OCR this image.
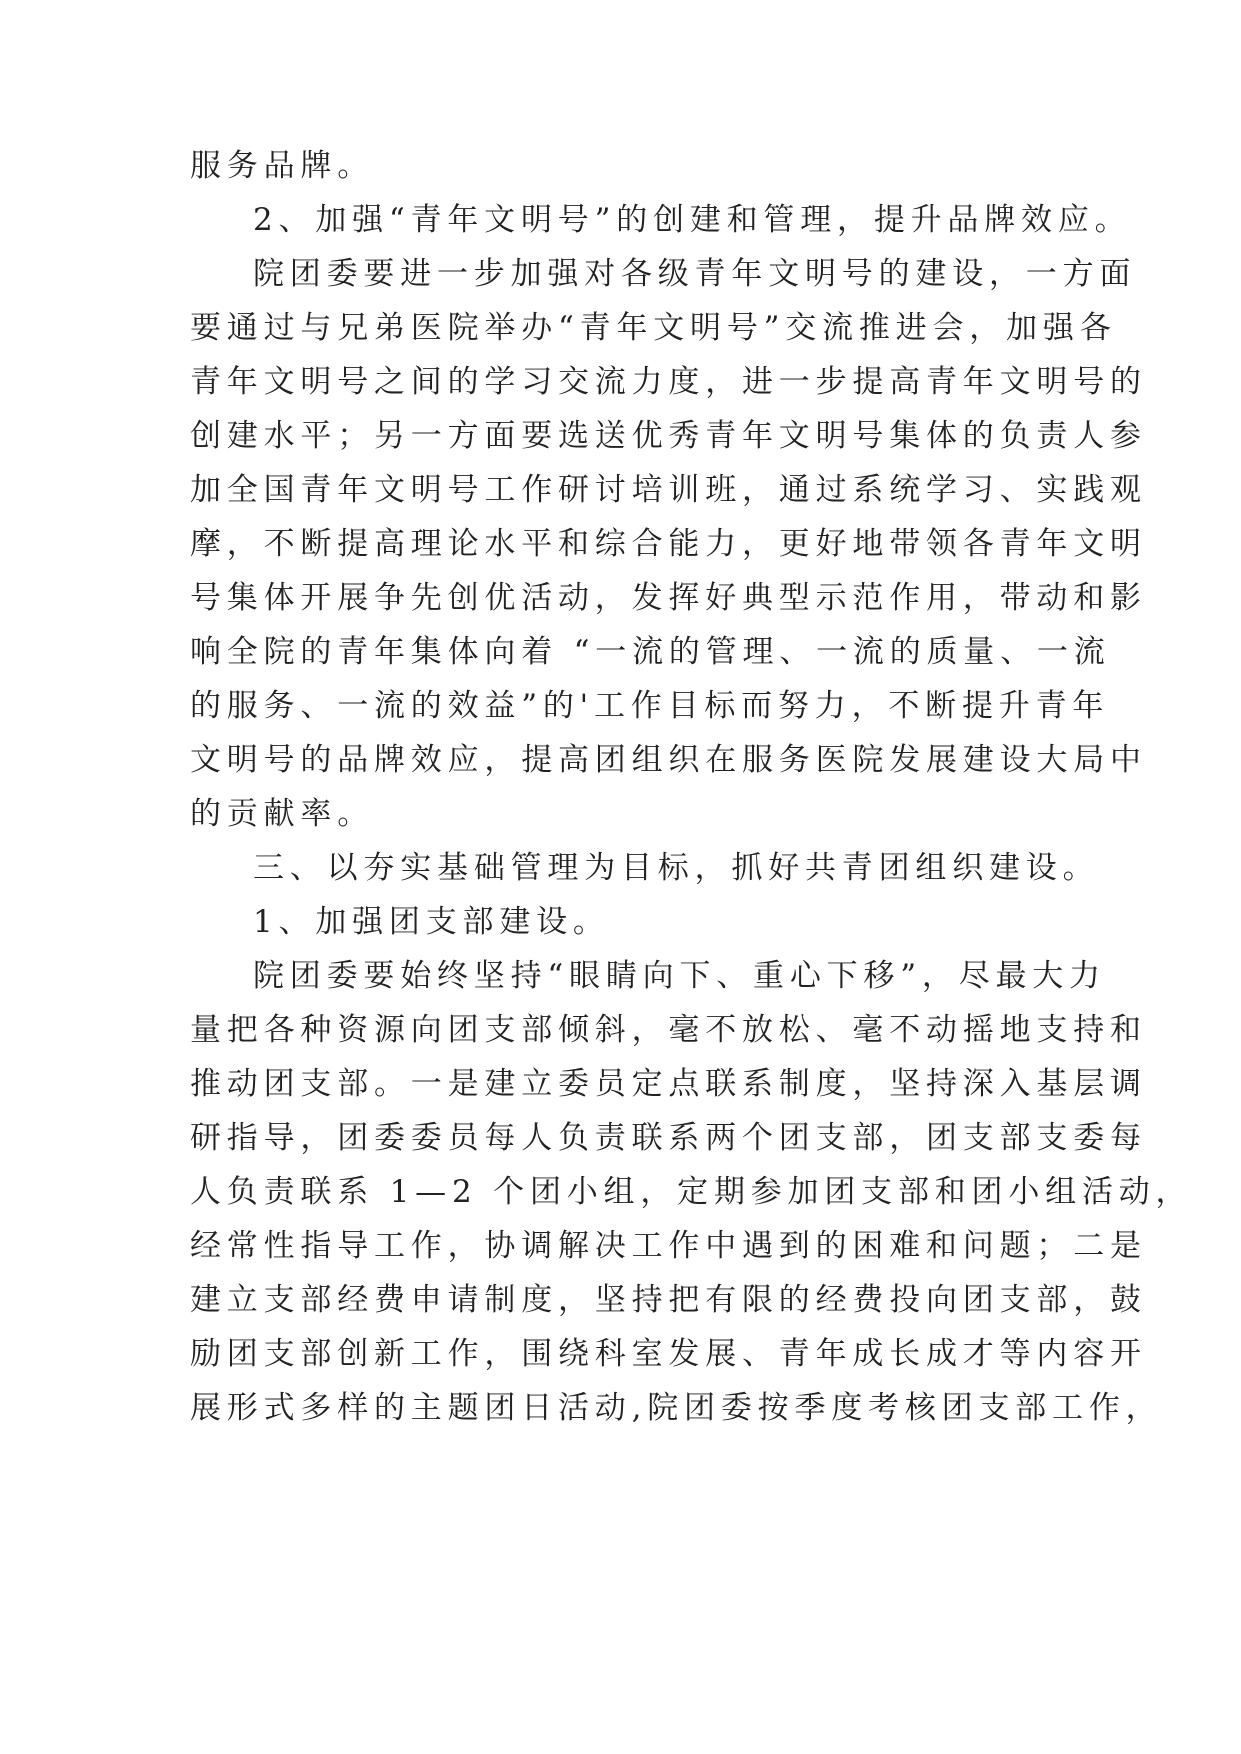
服务品牌。
2、加强“青年文明号”的创建和管理，提升品牌效应。
院团委要进一步加强对各级青年文明号的建设，一方面
要通过与兄弟医院举办“青年文明号”交流推进会，加强各
青年文明号之间的学习交流力度，进一步提高青年文明号的
创建水平；另一方面要选送优秀青年文明号集体的负责人参
加全国青年文明号工作研讨培训班，通过系统学习、实践观
摩，不断提高理论水平和综合能力，更好地带领各青年文明
号集体开展争先创优活动，发挥好典型示范作用，带动和影
响全院的青年集体向着 “一流的管理、一流的质量、一流
的服务、一流的效益”的'工作目标而努力，不断提升青年
文明号的品牌效应，提高团组织在服务医院发展建设大局中
的贡献率。
三、以夯实基础管理为目标，抓好共青团组织建设。
1、加强团支部建设。
院团委要始终坚持“眼睛向下、重心下移”，尽最大力
量把各种资源向团支部倾斜，毫不放松、毫不动摇地支持和
推动团支部。一是建立委员定点联系制度，坚持深入基层调
研指导，团委委员每人负责联系两个团支部，团支部支委每
人负责联系 1—2 个团小组，定期参加团支部和团小组活动，
经常性指导工作，协调解决工作中遇到的困难和问题；二是
建立支部经费申请制度，坚持把有限的经费投向团支部，鼓
励团支部创新工作，围绕科室发展、青年成长成才等内容开
展形式多样的主题团日活动,院团委按季度考核团支部工作，
